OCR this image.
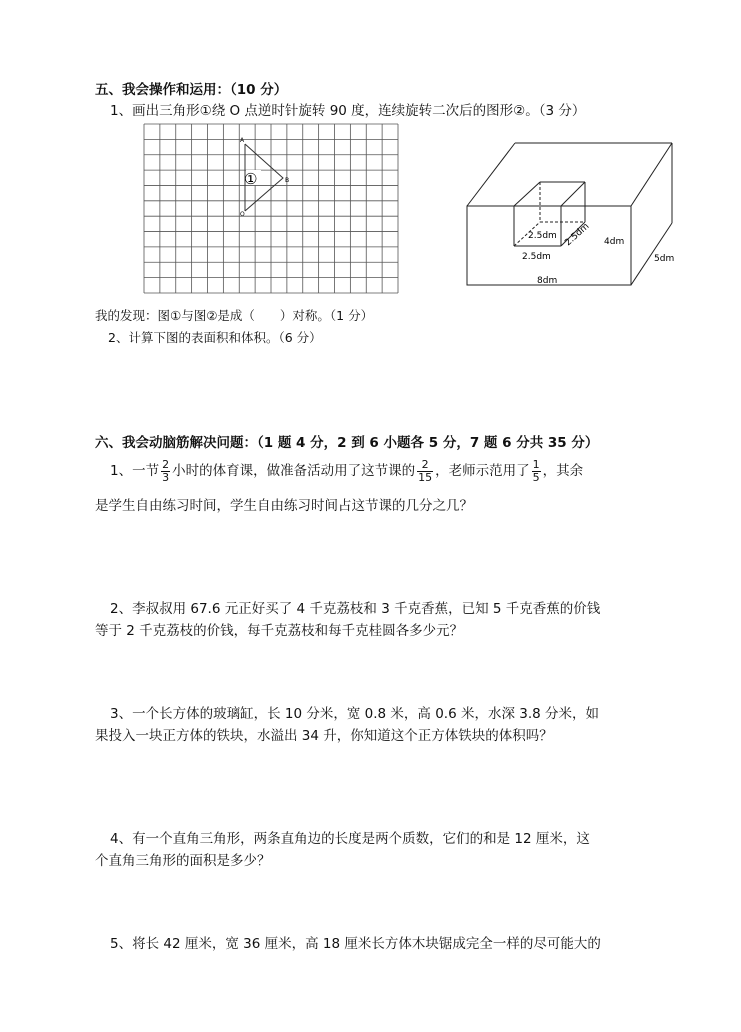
五、我会操作和运用：（10 分）
1、画出三角形①绕 O 点逆时针旋转 90 度，连续旋转二次后的图形②。（3 分）
A
B
O
①
2.5dm 2.5dm
2.5dm
4dm
5dm
8dm
我的发现：图①与图②是成（　　）对称。（1 分）
2、计算下图的表面积和体积。（6 分）
六、我会动脑筋解决问题：（1 题 4 分，2 到 6 小题各 5 分，7 题 6 分共 35 分）
1、一节 $\frac{2}{3}$ 小时的体育课，做准备活动用了这节课的 $\frac{2}{15}$ ，老师示范用了 $\frac{1}{5}$ ，其余
是学生自由练习时间，学生自由练习时间占这节课的几分之几？
2、李叔叔用 67.6 元正好买了 4 千克荔枝和 3 千克香蕉，已知 5 千克香蕉的价钱
等于 2 千克荔枝的价钱，每千克荔枝和每千克桂圆各多少元？
3、一个长方体的玻璃缸，长 10 分米，宽 0.8 米，高 0.6 米，水深 3.8 分米，如
果投入一块正方体的铁块，水溢出 34 升，你知道这个正方体铁块的体积吗？
4、有一个直角三角形，两条直角边的长度是两个质数，它们的和是 12 厘米，这
个直角三角形的面积是多少？
5、将长 42 厘米，宽 36 厘米，高 18 厘米长方体木块锯成完全一样的尽可能大的
